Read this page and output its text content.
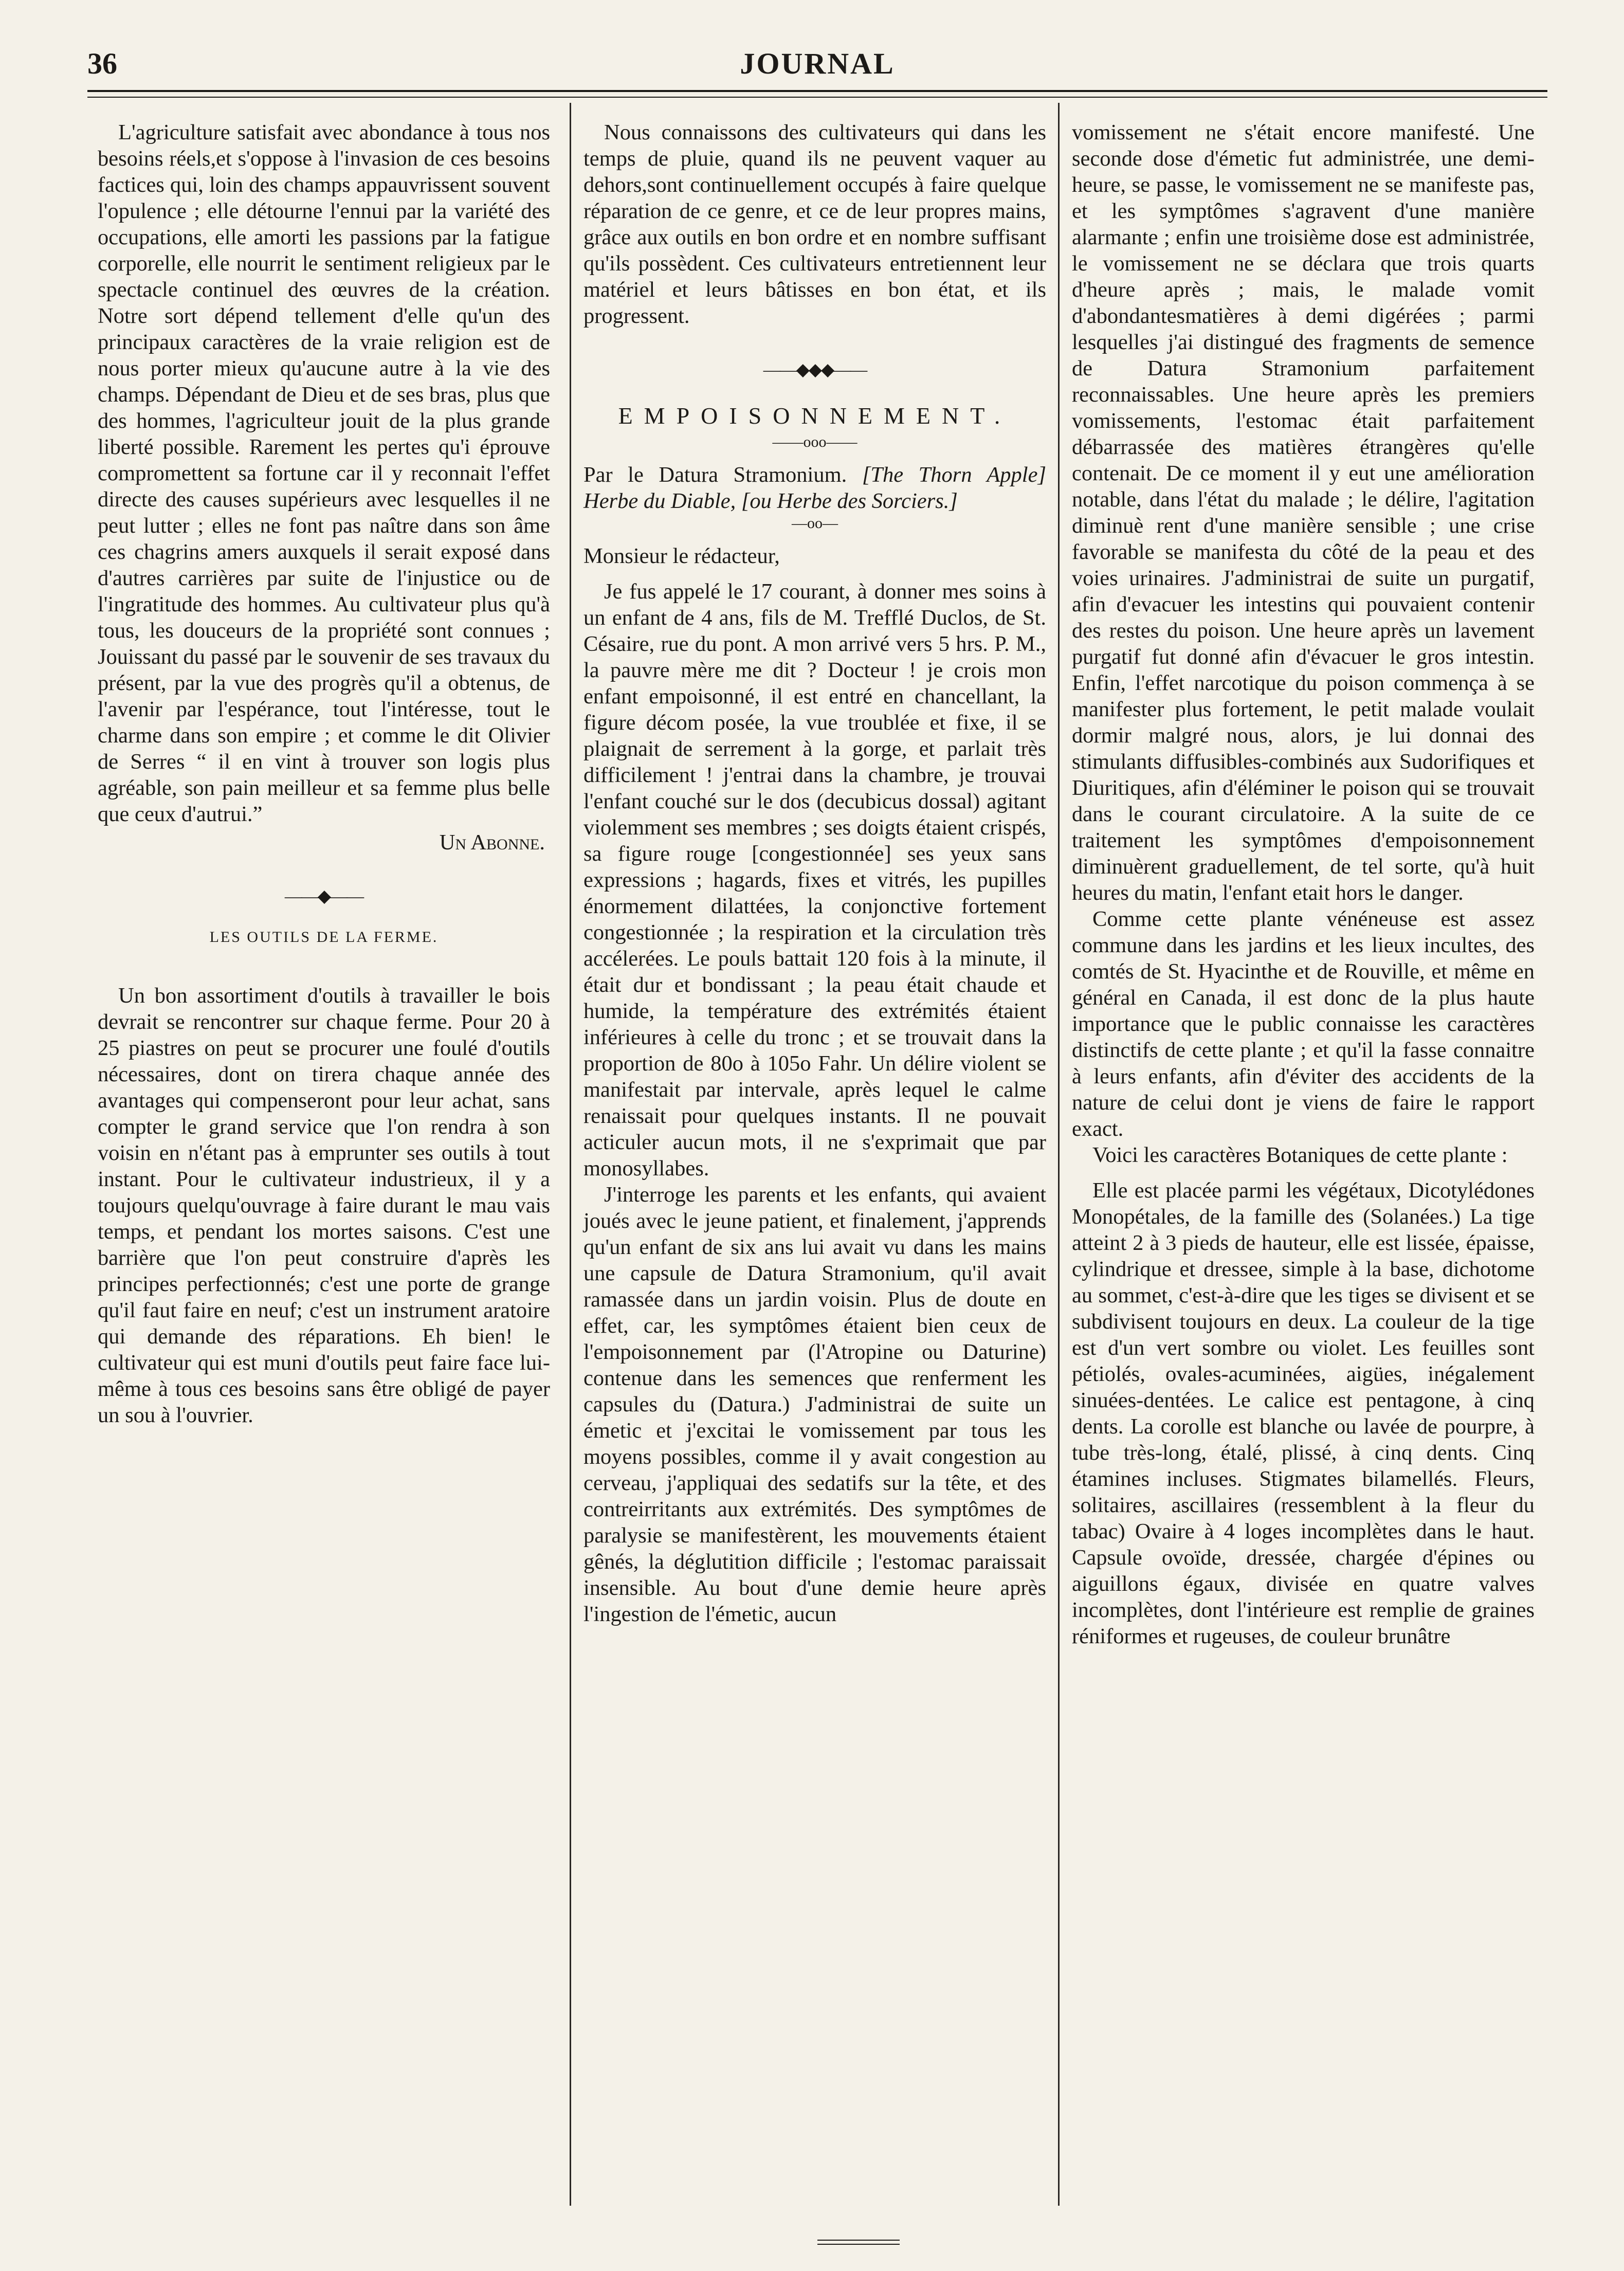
36	JOURNAL

L'agriculture satisfait avec abondance à tous nos besoins réels,et s'oppose à l'invasion de ces besoins factices qui, loin des champs appauvrissent souvent l'opulence ; elle détourne l'ennui par la variété des occupations, elle amorti les passions par la fatigue corporelle, elle nourrit le sentiment religieux par le spectacle continuel des œuvres de la création. Notre sort dépend tellement d'elle qu'un des principaux caractères de la vraie religion est de nous porter mieux qu'aucune autre à la vie des champs. Dépendant de Dieu et de ses bras, plus que des hommes, l'agriculteur jouit de la plus grande liberté possible. Rarement les pertes qu'i éprouve compromettent sa fortune car il y reconnait l'effet directe des causes supérieurs avec lesquelles il ne peut lutter ; elles ne font pas naître dans son âme ces chagrins amers auxquels il serait exposé dans d'autres carrières par suite de l'injustice ou de l'ingratitude des hommes. Au cultivateur plus qu'à tous, les douceurs de la propriété sont connues ; Jouissant du passé par le souvenir de ses travaux du présent, par la vue des progrès qu'il a obtenus, de l'avenir par l'espérance, tout l'intéresse, tout le charme dans son empire ; et comme le dit Olivier de Serres “ il en vint à trouver son logis plus agréable, son pain meilleur et sa femme plus belle que ceux d'autrui.”

Un Abonne.

——◆——
LES OUTILS DE LA FERME.

Un bon assortiment d'outils à travailler le bois devrait se rencontrer sur chaque ferme. Pour 20 à 25 piastres on peut se procurer une foulé d'outils nécessaires, dont on tirera chaque année des avantages qui compenseront pour leur achat, sans compter le grand service que l'on rendra à son voisin en n'étant pas à emprunter ses outils à tout instant. Pour le cultivateur industrieux, il y a toujours quelqu'ouvrage à faire durant le mau vais temps, et pendant los mortes saisons. C'est une barrière que l'on peut construire d'après les principes perfectionnés; c'est une porte de grange qu'il faut faire en neuf; c'est un instrument aratoire qui demande des réparations. Eh bien! le cultivateur qui est muni d'outils peut faire face lui-même à tous ces besoins sans être obligé de payer un sou à l'ouvrier.

Nous connaissons des cultivateurs qui dans les temps de pluie, quand ils ne peuvent vaquer au dehors,sont continuellement occupés à faire quelque réparation de ce genre, et ce de leur propres mains, grâce aux outils en bon ordre et en nombre suffisant qu'ils possèdent. Ces cultivateurs entretiennent leur matériel et leurs bâtisses en bon état, et ils progressent.

——◆◆◆——
EMPOISONNEMENT.
——ooo——

Par le Datura Stramonium. [The Thorn Apple] Herbe du Diable, [ou Herbe des Sorciers.]

—oo—

Monsieur le rédacteur,

Je fus appelé le 17 courant, à donner mes soins à un enfant de 4 ans, fils de M. Trefflé Duclos, de St. Césaire, rue du pont. A mon arrivé vers 5 hrs. P. M., la pauvre mère me dit ? Docteur ! je crois mon enfant empoisonné, il est entré en chancellant, la figure décom posée, la vue troublée et fixe, il se plaignait de serrement à la gorge, et parlait très difficilement ! j'entrai dans la chambre, je trouvai l'enfant couché sur le dos (decubicus dossal) agitant violemment ses membres ; ses doigts étaient crispés, sa figure rouge [congestionnée] ses yeux sans expressions ; hagards, fixes et vitrés, les pupilles énormement dilattées, la conjonctive fortement congestionnée ; la respiration et la circulation très accélerées. Le pouls battait 120 fois à la minute, il était dur et bondissant ; la peau était chaude et humide, la température des extrémités étaient inférieures à celle du tronc ; et se trouvait dans la proportion de 80o à 105o Fahr. Un délire violent se manifestait par intervale, après lequel le calme renaissait pour quelques instants. Il ne pouvait acticuler aucun mots, il ne s'exprimait que par monosyllabes.

J'interroge les parents et les enfants, qui avaient joués avec le jeune patient, et finalement, j'apprends qu'un enfant de six ans lui avait vu dans les mains une capsule de Datura Stramonium, qu'il avait ramassée dans un jardin voisin. Plus de doute en effet, car, les symptômes étaient bien ceux de l'empoisonnement par (l'Atropine ou Daturine) contenue dans les semences que renferment les capsules du (Datura.) J'administrai de suite un émetic et j'excitai le vomissement par tous les moyens possibles, comme il y avait congestion au cerveau, j'appliquai des sedatifs sur la tête, et des contreirritants aux extrémités. Des symptômes de paralysie se manifestèrent, les mouvements étaient gênés, la déglutition difficile ; l'estomac paraissait insensible. Au bout d'une demie heure après l'ingestion de l'émetic, aucun

vomissement ne s'était encore manifesté. Une seconde dose d'émetic fut administrée, une demi-heure, se passe, le vomissement ne se manifeste pas, et les symptômes s'agravent d'une manière alarmante ; enfin une troisième dose est administrée, le vomissement ne se déclara que trois quarts d'heure après ; mais, le malade vomit d'abondantesmatières à demi digérées ; parmi lesquelles j'ai distingué des fragments de semence de Datura Stramonium parfaitement reconnaissables. Une heure après les premiers vomissements, l'estomac était parfaitement débarrassée des matières étrangères qu'elle contenait. De ce moment il y eut une amélioration notable, dans l'état du malade ; le délire, l'agitation diminuè rent d'une manière sensible ; une crise favorable se manifesta du côté de la peau et des voies urinaires. J'administrai de suite un purgatif, afin d'evacuer les intestins qui pouvaient contenir des restes du poison. Une heure après un lavement purgatif fut donné afin d'évacuer le gros intestin. Enfin, l'effet narcotique du poison commença à se manifester plus fortement, le petit malade voulait dormir malgré nous, alors, je lui donnai des stimulants diffusibles-combinés aux Sudorifiques et Diuritiques, afin d'éléminer le poison qui se trouvait dans le courant circulatoire. A la suite de ce traitement les symptômes d'empoisonnement diminuèrent graduellement, de tel sorte, qu'à huit heures du matin, l'enfant etait hors le danger.

Comme cette plante vénéneuse est assez commune dans les jardins et les lieux incultes, des comtés de St. Hyacinthe et de Rouville, et même en général en Canada, il est donc de la plus haute importance que le public connaisse les caractères distinctifs de cette plante ; et qu'il la fasse connaitre à leurs enfants, afin d'éviter des accidents de la nature de celui dont je viens de faire le rapport exact.

Voici les caractères Botaniques de cette plante :

Elle est placée parmi les végétaux, Dicotylédones Monopétales, de la famille des (Solanées.) La tige atteint 2 à 3 pieds de hauteur, elle est lissée, épaisse, cylindrique et dressee, simple à la base, dichotome au sommet, c'est-à-dire que les tiges se divisent et se subdivisent toujours en deux. La couleur de la tige est d'un vert sombre ou violet. Les feuilles sont pétiolés, ovales-acuminées, aigües, inégalement sinuées-dentées. Le calice est pentagone, à cinq dents. La corolle est blanche ou lavée de pourpre, à tube très-long, étalé, plissé, à cinq dents. Cinq étamines incluses. Stigmates bilamellés. Fleurs, solitaires, ascillaires (ressemblent à la fleur du tabac) Ovaire à 4 loges incomplètes dans le haut. Capsule ovoïde, dressée, chargée d'épines ou aiguillons égaux, divisée en quatre valves incomplètes, dont l'intérieure est remplie de graines réniformes et rugeuses, de couleur brunâtre
